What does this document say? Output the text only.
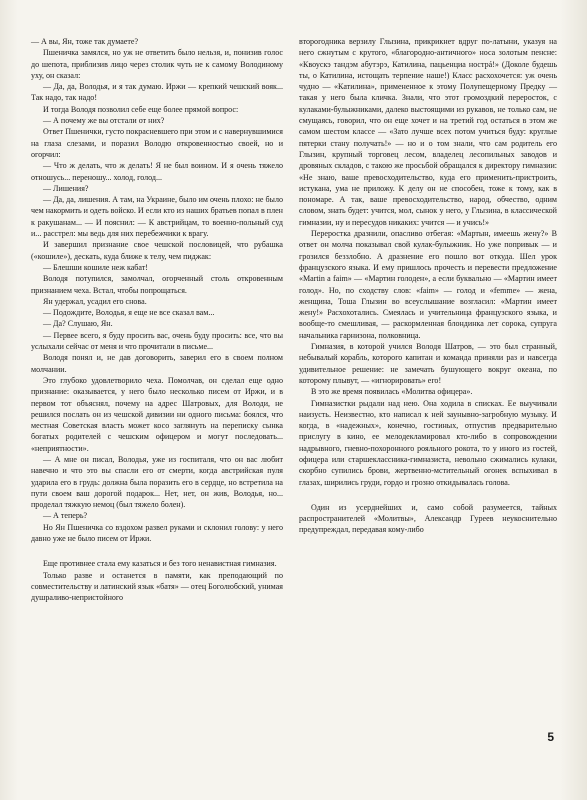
— А вы, Ян, тоже так думаете?

Пшеничка замялся, но уж не ответить было нельзя, и, понизив голос до шепота, приблизив лицо через столик чуть не к самому Володиному уху, он сказал:

— Да, да, Володья, и я так думаю. Иржи — крепкий чешский вояк... Так надо, так надо!

И тогда Володя позволил себе еще более прямой вопрос:

— А почему же вы отстали от них?

Ответ Пшенички, густо покрасневшего при этом и с навернувшимися на глаза слезами, и поразил Володю откровенностью своей, но и огорчил:

— Что ж делать, что ж делать! Я не был воином. И я очень тяжело отношусь... переношу... холод, голод...

— Лишения?

— Да, да, лишения. А там, на Украине, было им очень плохо: не было чем накормить и одеть войско. И если кто из наших братьев попал в плен к ракушанам... — И пояснил: — К австрийцам, то военно-польный суд и... расстрел: мы ведь для них перебежчики к врагу.

И завершил признание свое чешской пословицей, что рубашка («кошиле»), дескать, куда ближе к телу, чем пиджак:

— Блешши кошиле неж кабат!

Володя потупился, замолчал, огорченный столь откровенным признанием чеха. Встал, чтобы попрощаться.

Ян удержал, усадил его снова.

— Подождите, Володья, я еще не все сказал вам...

— Да? Слушаю, Ян.

— Первее всего, я буду просить вас, очень буду просить: все, что вы услыхали сейчас от меня и что прочитали в письме...

Володя понял и, не дав договорить, заверил его в своем полном молчании.

Это глубоко удовлетворило чеха. Помолчав, он сделал еще одно признание: оказывается, у него было несколько писем от Иржи, и в первом тот объяснял, почему на адрес Шатровых, для Володи, не решился послать он из чешской дивизии ни одного письма: боялся, что местная Советская власть может косо заглянуть на переписку сынка богатых родителей с чешским офицером и могут последовать... «неприятности».

— А мне он писал, Володья, уже из госпиталя, что он вас любит навечно и что это вы спасли его от смерти, когда австрийская пуля ударила его в грудь: должна была поразить его в сердце, но встретила на пути своем ваш дорогой подарок... Нет, нет, он жив, Володья, но... проделал тяжкую немоц (был тяжело болен).

— А теперь?

Но Ян Пшеничка со вздохом развел руками и склонил голову: у него давно уже не было писем от Иржи.

Еще противнее стала ему казаться и без того ненавистная гимназия.

Только разве и останется в памяти, как преподающий по совместительству и латинский язык «батя» — отец Боголюбский, унимая душраливо-непристойного

второгодника верзилу Глызина, прикрикнет вдруг по-латыни, указуя на него сжнутым с крутого, «благородно-античного» носа золотым пенсне: «Квоускэ тандэм абутэрэ, Катилина, пацьенциа нострá!» (Доколе будешь ты, о Катилина, истощать терпение наше!) Класс расхохочется: уж очень чудно — «Катилина», примененное к этому Полупещерному Предку — такая у него была кличка. Знали, что этот громоздкий переросток, с кулаками-булыжниками, далеко выстоящими из рукавов, не только сам, не смущаясь, говорил, что он еще хочет и на третий год остаться в этом же самом шестом классе — «Зато лучше всех потом учиться буду: круглые пятерки стану получать!» — но и о том знали, что сам родитель его Глызин, крупный торговец лесом, владелец лесопильных заводов и дровяных складов, с такою же просьбой обращался к директору гимназии: «Не знаю, ваше превосходительство, куда его применить-пристроить, истукана, ума не приложу. К делу он не способен, тоже к тому, как в пономаре. А так, ваше превосходительство, народ, обчество, одним словом, знать будет: учится, мол, сынок у него, у Глызина, в классической гимназии, ну и пересудов никаких: учится — и учись!»

Переростка дразнили, опасливо отбегая: «Мартын, имеешь жену?» В ответ он молча показывал свой кулак-булыжник. Но уже попривык — и грозился беззлобно. А дразнение его пошло вот откуда. Шел урок французского языка. И ему пришлось прочесть и перевести предложение «Martin a faim» — «Мартин голоден», а если буквально — «Мартин имеет голод». Но, по сходству слов: «faim» — голод и «femme» — жена, женщина, Тоша Глызин во всеуслышание возгласил: «Мартин имеет жену!» Расхохотались. Смеялась и учительница французского языка, и вообще-то смешливая, — раскормленная блондинка лет сорока, супруга начальника гарнизона, полковница.

Гимназия, в которой учился Володя Шатров, — это был странный, небывалый корабль, которого капитан и команда приняли раз и навсегда удивительное решение: не замечать бушующего вокруг океана, по которому плывут, — «игнорировать» его!

В это же время появилась «Молитва офицера».

Гимназистки рыдали над нею. Она ходила в списках. Ее выучивали наизусть. Неизвестно, кто написал к ней заунывно-загробную музыку. И когда, в «надежных», конечно, гостиных, отпустив предварительно прислугу в кино, ее мелодекламировал кто-либо в сопровождении надрывного, гневно-похоронного рояльного рокота, то у иного из гостей, офицера или старшеклассника-гимназиста, невольно сжимались кулаки, скорбно супились брови, жертвенно-мстительный огонек вспыхивал в глазах, ширились груди, гордо и грозно откидывалась голова.

Один из усерднейших и, само собой разумеется, тайных распространителей «Молитвы», Александр Гуреев неукоснительно предупреждал, передавая кому-либо

5
